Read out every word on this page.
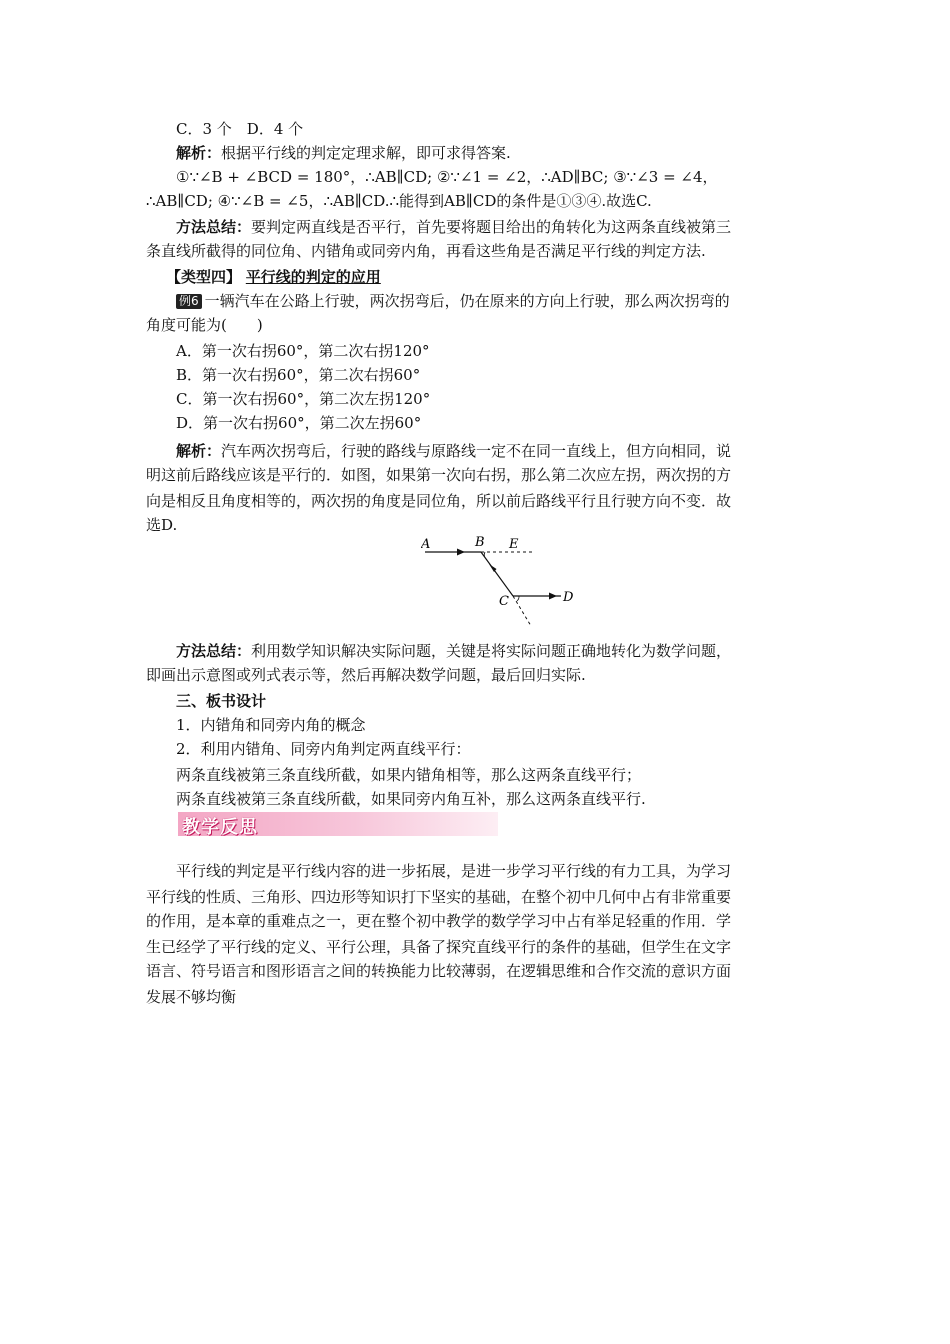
C．3 个　D．4 个
解析：根据平行线的判定定理求解，即可求得答案.
①∵∠B + ∠BCD = 180°，∴AB∥CD; ②∵∠1 = ∠2，∴AD∥BC; ③∵∠3 = ∠4，
∴AB∥CD; ④∵∠B = ∠5，∴AB∥CD.∴能得到AB∥CD的条件是①③④.故选C.
方法总结：要判定两直线是否平行，首先要将题目给出的角转化为这两条直线被第三
条直线所截得的同位角、内错角或同旁内角，再看这些角是否满足平行线的判定方法.
【类型四】 平行线的判定的应用
例6 一辆汽车在公路上行驶，两次拐弯后，仍在原来的方向上行驶，那么两次拐弯的
角度可能为(　　)
A．第一次右拐60°，第二次右拐120°
B．第一次右拐60°，第二次右拐60°
C．第一次右拐60°，第二次左拐120°
D．第一次右拐60°，第二次左拐60°
解析：汽车两次拐弯后，行驶的路线与原路线一定不在同一直线上，但方向相同，说
明这前后路线应该是平行的．如图，如果第一次向右拐，那么第二次应左拐，两次拐的方
向是相反且角度相等的，两次拐的角度是同位角，所以前后路线平行且行驶方向不变．故
选D.
A	B E
C	D
方法总结：利用数学知识解决实际问题，关键是将实际问题正确地转化为数学问题，
即画出示意图或列式表示等，然后再解决数学问题，最后回归实际.
三、板书设计
1．内错角和同旁内角的概念
2．利用内错角、同旁内角判定两直线平行：
两条直线被第三条直线所截，如果内错角相等，那么这两条直线平行；
两条直线被第三条直线所截，如果同旁内角互补，那么这两条直线平行.
教学反思
平行线的判定是平行线内容的进一步拓展，是进一步学习平行线的有力工具，为学习
平行线的性质、三角形、四边形等知识打下坚实的基础，在整个初中几何中占有非常重要
的作用，是本章的重难点之一，更在整个初中教学的数学学习中占有举足轻重的作用．学
生已经学了平行线的定义、平行公理，具备了探究直线平行的条件的基础，但学生在文字
语言、符号语言和图形语言之间的转换能力比较薄弱，在逻辑思维和合作交流的意识方面
发展不够均衡
